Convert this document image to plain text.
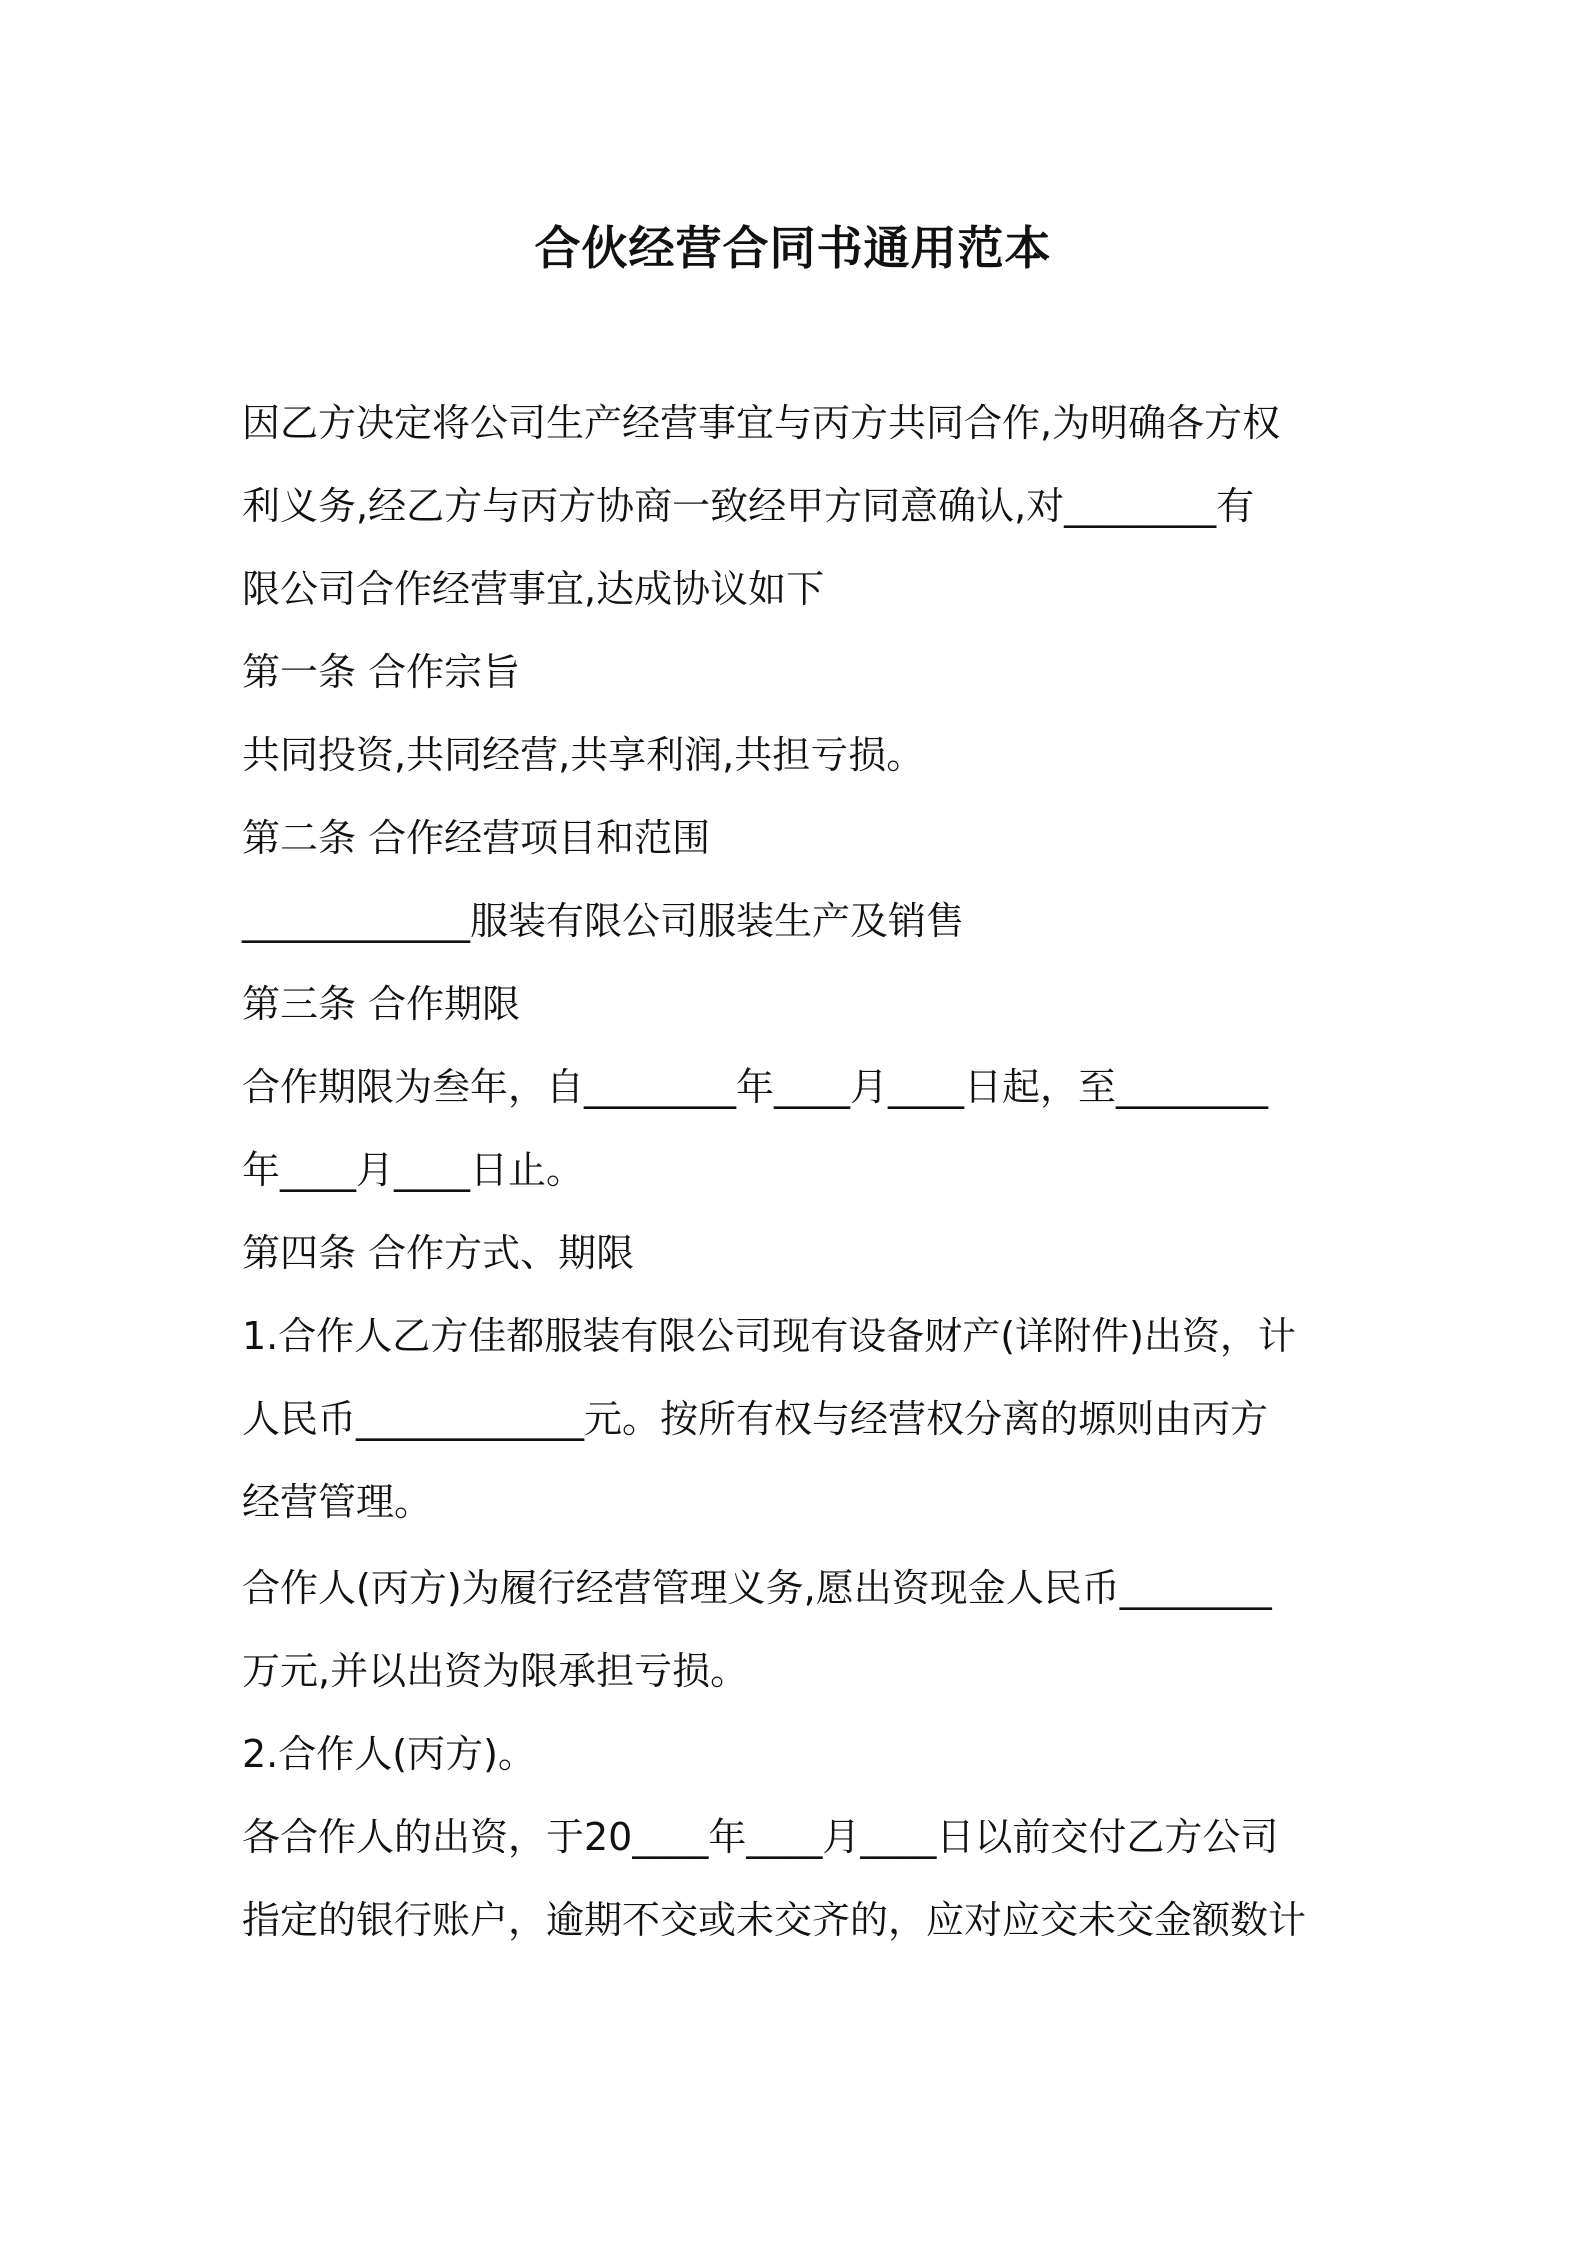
合伙经营合同书通用范本

因乙方决定将公司生产经营事宜与丙方共同合作,为明确各方权

利义务,经乙方与丙方协商一致经甲方同意确认,对________有

限公司合作经营事宜,达成协议如下

第一条 合作宗旨

共同投资,共同经营,共享利润,共担亏损。

第二条 合作经营项目和范围

____________服装有限公司服装生产及销售

第三条 合作期限

合作期限为叁年，自________年____月____日起，至________

年____月____日止。

第四条 合作方式、期限

1.合作人乙方佳都服装有限公司现有设备财产(详附件)出资，计

人民币____________元。按所有权与经营权分离的塬则由丙方

经营管理。

合作人(丙方)为履行经营管理义务,愿出资现金人民币________

万元,并以出资为限承担亏损。

2.合作人(丙方)。

各合作人的出资，于20____年____月____日以前交付乙方公司

指定的银行账户，逾期不交或未交齐的，应对应交未交金额数计
